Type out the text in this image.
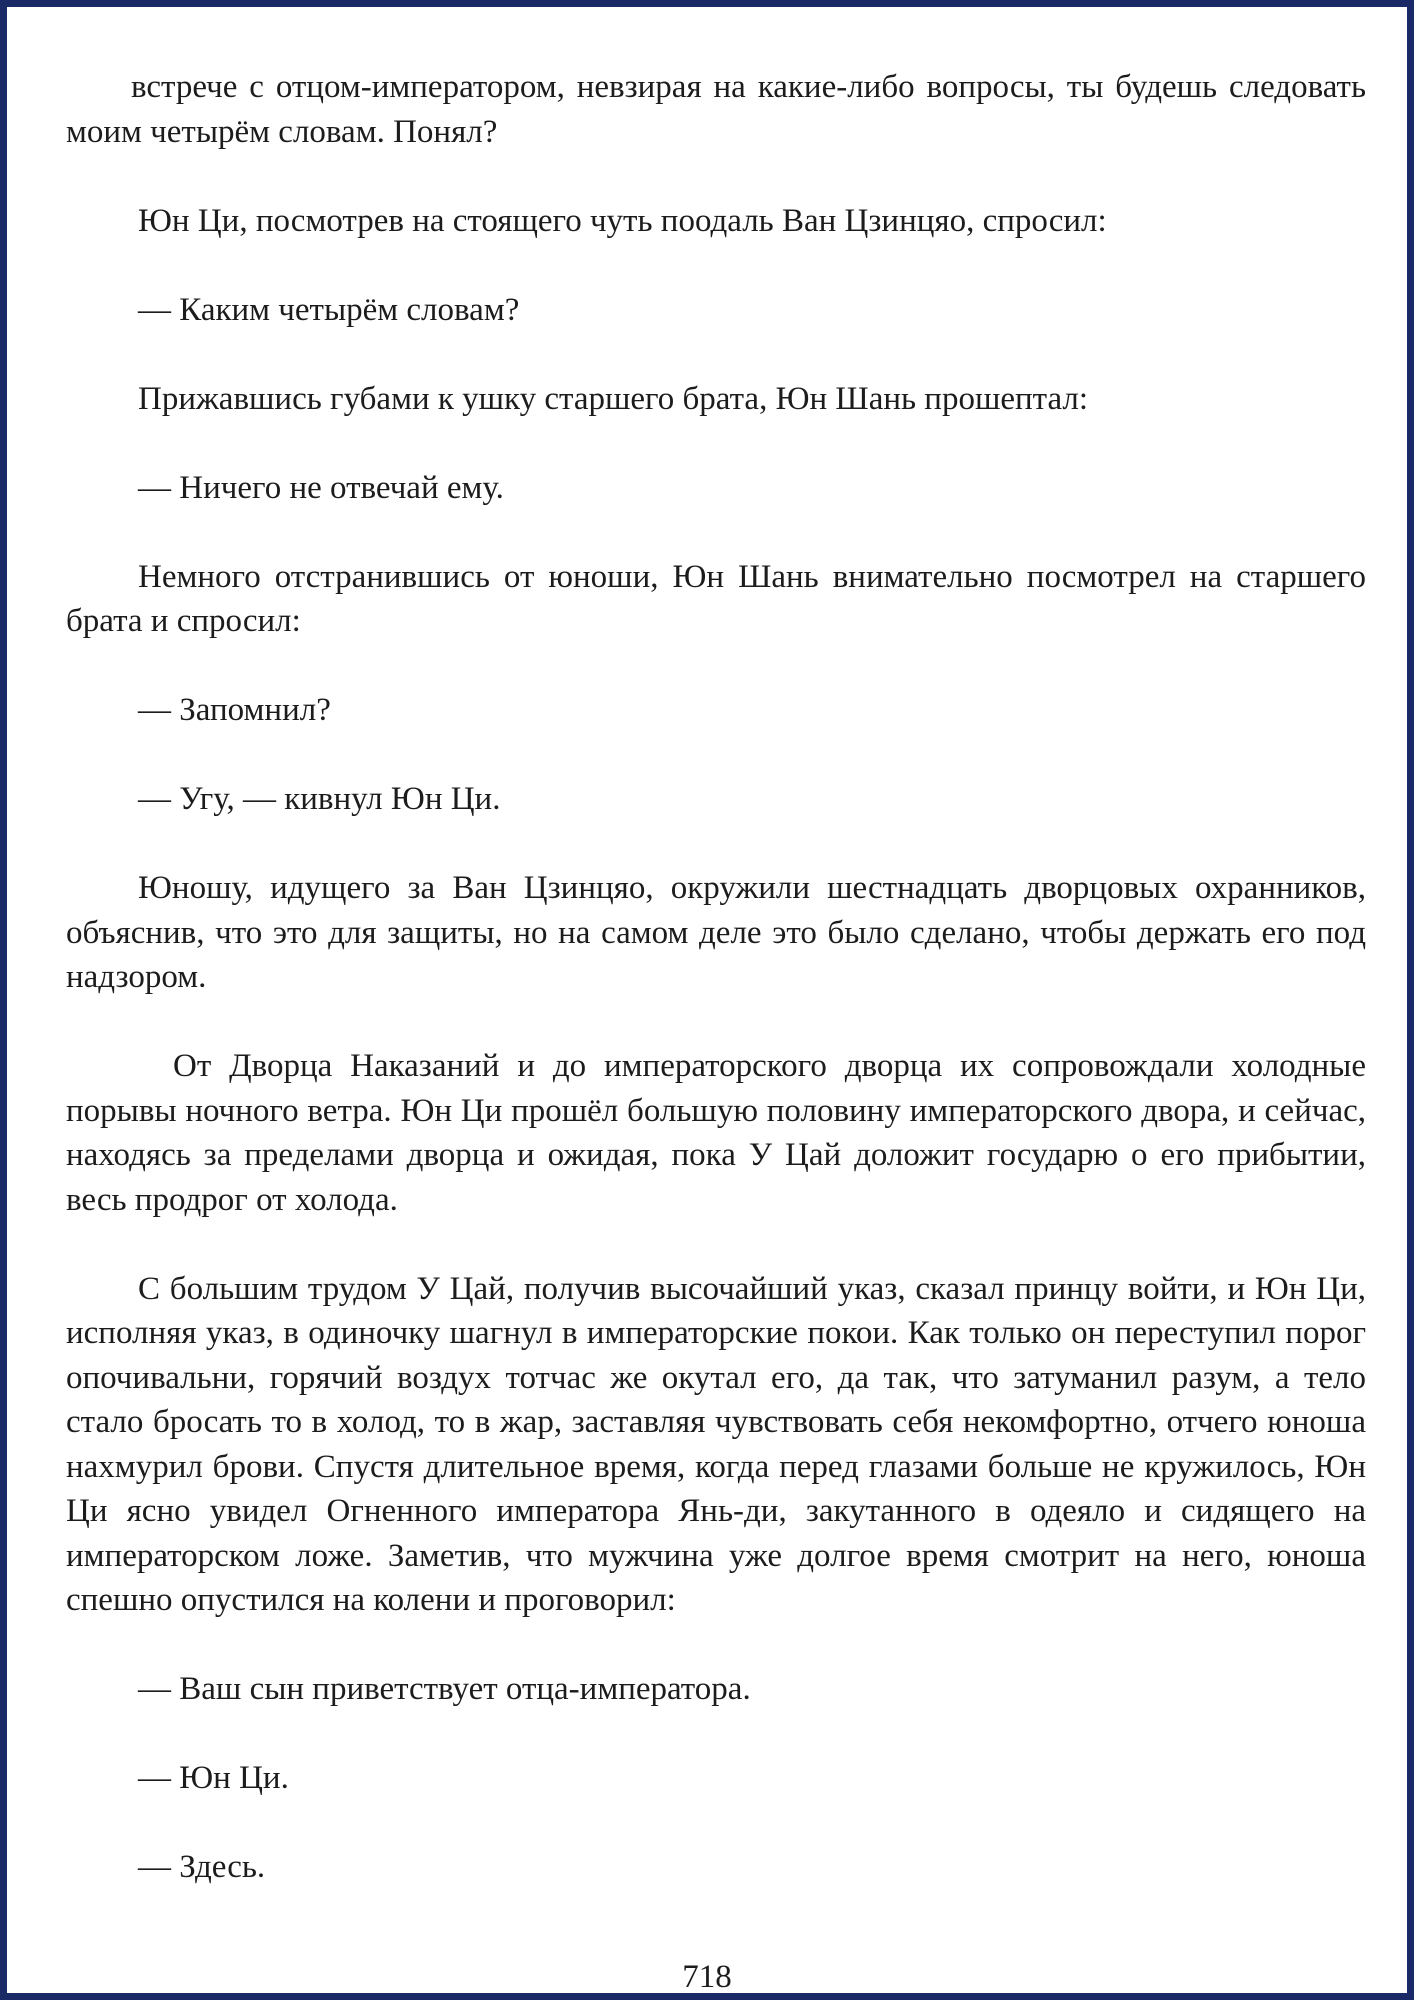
встрече с отцом-императором, невзирая на какие-либо вопросы, ты будешь следовать моим четырём словам. Понял?

Юн Ци, посмотрев на стоящего чуть поодаль Ван Цзинцяо, спросил:

— Каким четырём словам?

Прижавшись губами к ушку старшего брата, Юн Шань прошептал:

— Ничего не отвечай ему.

Немного отстранившись от юноши, Юн Шань внимательно посмотрел на старшего брата и спросил:

— Запомнил?

— Угу, — кивнул Юн Ци.

Юношу, идущего за Ван Цзинцяо, окружили шестнадцать дворцовых охранников, объяснив, что это для защиты, но на самом деле это было сделано, чтобы держать его под надзором.

От Дворца Наказаний и до императорского дворца их сопровождали холодные порывы ночного ветра. Юн Ци прошёл большую половину императорского двора, и сейчас, находясь за пределами дворца и ожидая, пока У Цай доложит государю о его прибытии, весь продрог от холода.

С большим трудом У Цай, получив высочайший указ, сказал принцу войти, и Юн Ци, исполняя указ, в одиночку шагнул в императорские покои. Как только он переступил порог опочивальни, горячий воздух тотчас же окутал его, да так, что затуманил разум, а тело стало бросать то в холод, то в жар, заставляя чувствовать себя некомфортно, отчего юноша нахмурил брови. Спустя длительное время, когда перед глазами больше не кружилось, Юн Ци ясно увидел Огненного императора Янь-ди, закутанного в одеяло и сидящего на императорском ложе. Заметив, что мужчина уже долгое время смотрит на него, юноша спешно опустился на колени и проговорил:

— Ваш сын приветствует отца-императора.

— Юн Ци.

— Здесь.

718
